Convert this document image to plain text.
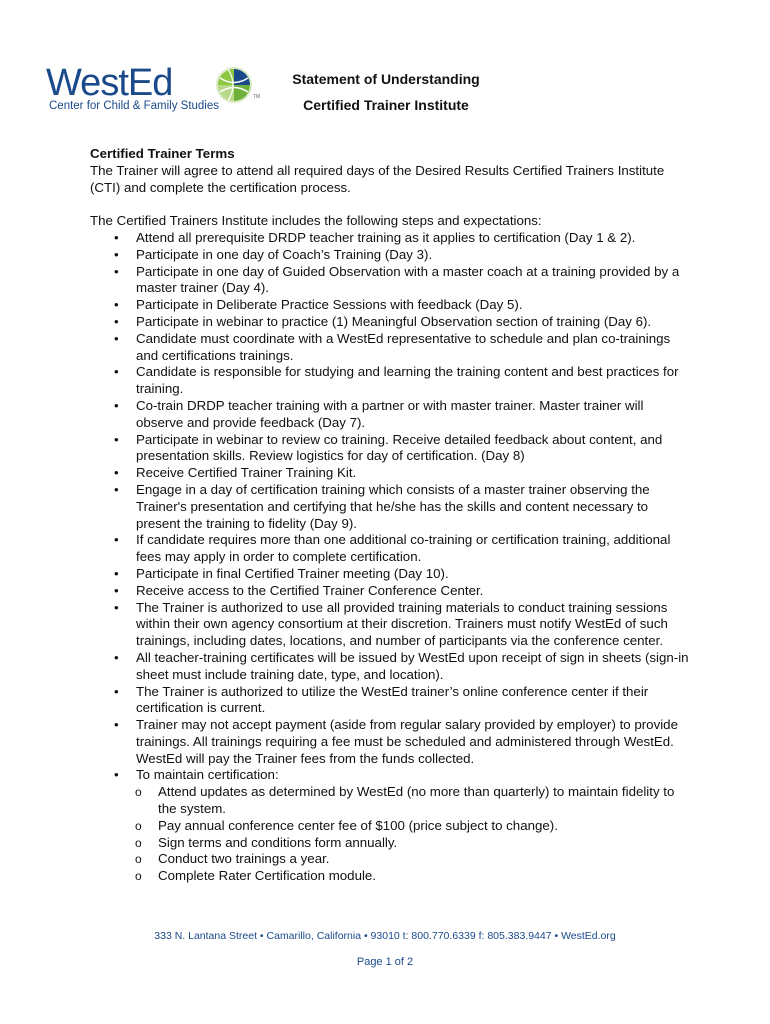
WestEd	TM
Center for Child & Family Studies
Statement of Understanding
Certified Trainer Institute
Certified Trainer Terms

The Trainer will agree to attend all required days of the Desired Results Certified Trainers Institute (CTI) and complete the certification process.

The Certified Trainers Institute includes the following steps and expectations:

• Attend all prerequisite DRDP teacher training as it applies to certification (Day 1 & 2).
• Participate in one day of Coach’s Training (Day 3).
• Participate in one day of Guided Observation with a master coach at a training provided by a master trainer (Day 4).
• Participate in Deliberate Practice Sessions with feedback (Day 5).
• Participate in webinar to practice (1) Meaningful Observation section of training (Day 6).
• Candidate must coordinate with a WestEd representative to schedule and plan co-trainings and certifications trainings.
• Candidate is responsible for studying and learning the training content and best practices for training.
• Co-train DRDP teacher training with a partner or with master trainer. Master trainer will observe and provide feedback (Day 7).
• Participate in webinar to review co training. Receive detailed feedback about content, and presentation skills. Review logistics for day of certification. (Day 8)
• Receive Certified Trainer Training Kit.
• Engage in a day of certification training which consists of a master trainer observing the Trainer's presentation and certifying that he/she has the skills and content necessary to present the training to fidelity (Day 9).
• If candidate requires more than one additional co-training or certification training, additional fees may apply in order to complete certification.
• Participate in final Certified Trainer meeting (Day 10).
• Receive access to the Certified Trainer Conference Center.
• The Trainer is authorized to use all provided training materials to conduct training sessions within their own agency consortium at their discretion. Trainers must notify WestEd of such trainings, including dates, locations, and number of participants via the conference center.
• All teacher-training certificates will be issued by WestEd upon receipt of sign in sheets (sign-in sheet must include training date, type, and location).
• The Trainer is authorized to utilize the WestEd trainer’s online conference center if their certification is current.
• Trainer may not accept payment (aside from regular salary provided by employer) to provide trainings. All trainings requiring a fee must be scheduled and administered through WestEd. WestEd will pay the Trainer fees from the funds collected.
• To maintain certification:
o Attend updates as determined by WestEd (no more than quarterly) to maintain fidelity to the system.
o Pay annual conference center fee of $100 (price subject to change).
o Sign terms and conditions form annually.
o Conduct two trainings a year.
o Complete Rater Certification module.
333 N. Lantana Street • Camarillo, California • 93010 t: 800.770.6339 f: 805.383.9447 • WestEd.org
Page 1 of 2
